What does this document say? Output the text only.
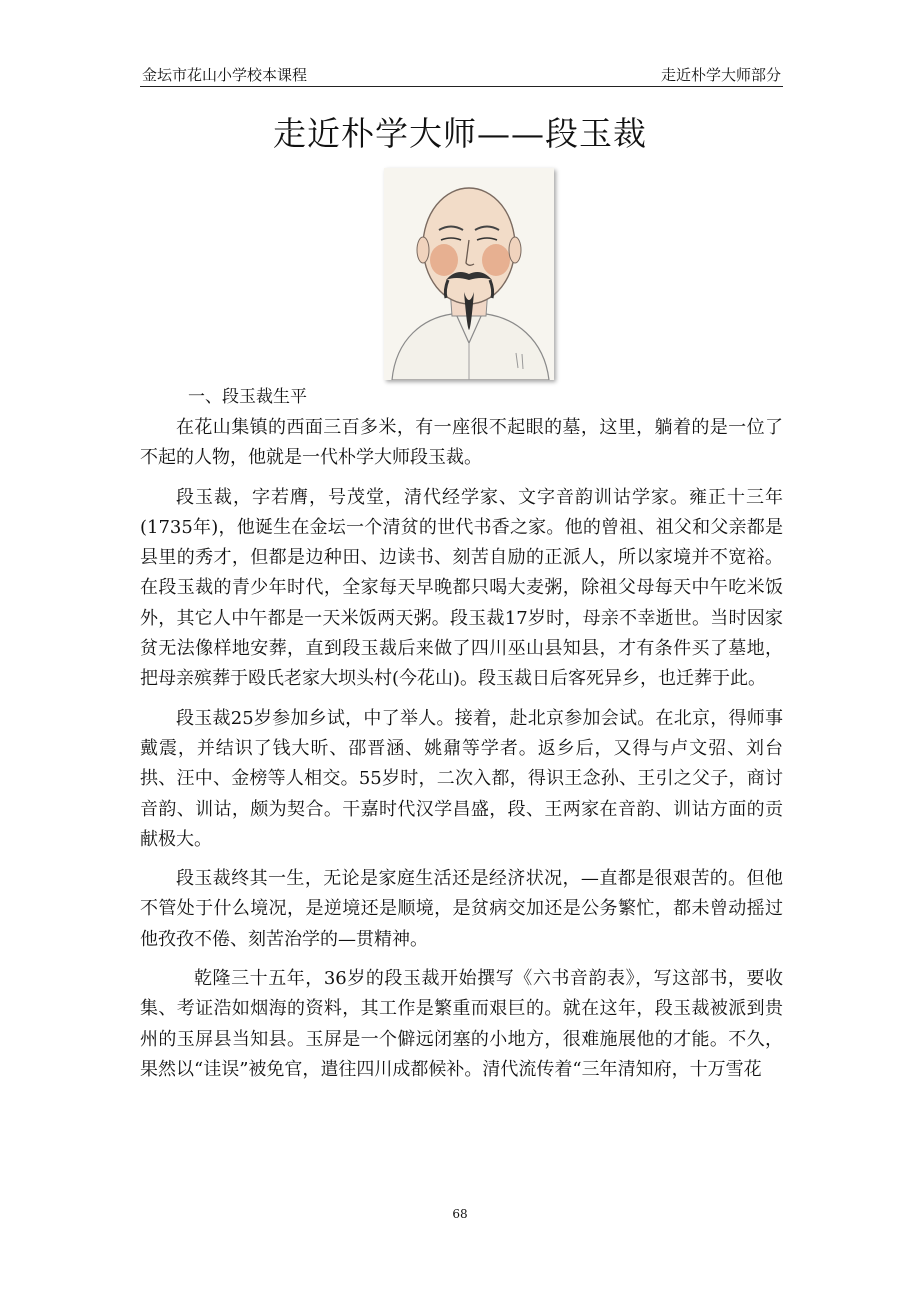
金坛市花山小学校本课程	走近朴学大师部分
走近朴学大师——段玉裁
一、段玉裁生平

在花山集镇的西面三百多米，有一座很不起眼的墓，这里，躺着的是一位了不起的人物，他就是一代朴学大师段玉裁。

段玉裁，字若膺，号茂堂，清代经学家、文字音韵训诂学家。雍正十三年(1735年)，他诞生在金坛一个清贫的世代书香之家。他的曾祖、祖父和父亲都是县里的秀才，但都是边种田、边读书、刻苦自励的正派人，所以家境并不宽裕。在段玉裁的青少年时代，全家每天早晚都只喝大麦粥，除祖父母每天中午吃米饭外，其它人中午都是一天米饭两天粥。段玉裁17岁时，母亲不幸逝世。当时因家贫无法像样地安葬，直到段玉裁后来做了四川巫山县知县，才有条件买了墓地，把母亲殡葬于殴氏老家大坝头村(今花山)。段玉裁日后客死异乡，也迁葬于此。

段玉裁25岁参加乡试，中了举人。接着，赴北京参加会试。在北京，得师事戴震，并结识了钱大昕、邵晋涵、姚鼐等学者。返乡后，又得与卢文弨、刘台拱、汪中、金榜等人相交。55岁时，二次入都，得识王念孙、王引之父子，商讨音韵、训诂，颇为契合。干嘉时代汉学昌盛，段、王两家在音韵、训诂方面的贡献极大。

段玉裁终其一生，无论是家庭生活还是经济状况，—直都是很艰苦的。但他不管处于什么境况，是逆境还是顺境，是贫病交加还是公务繁忙，都未曾动摇过他孜孜不倦、刻苦治学的—贯精神。

乾隆三十五年，36岁的段玉裁开始撰写《六书音韵表》，写这部书，要收集、考证浩如烟海的资料，其工作是繁重而艰巨的。就在这年，段玉裁被派到贵州的玉屏县当知县。玉屏是一个僻远闭塞的小地方，很难施展他的才能。不久，果然以“诖误”被免官，遣往四川成都候补。清代流传着“三年清知府，十万雪花

68
